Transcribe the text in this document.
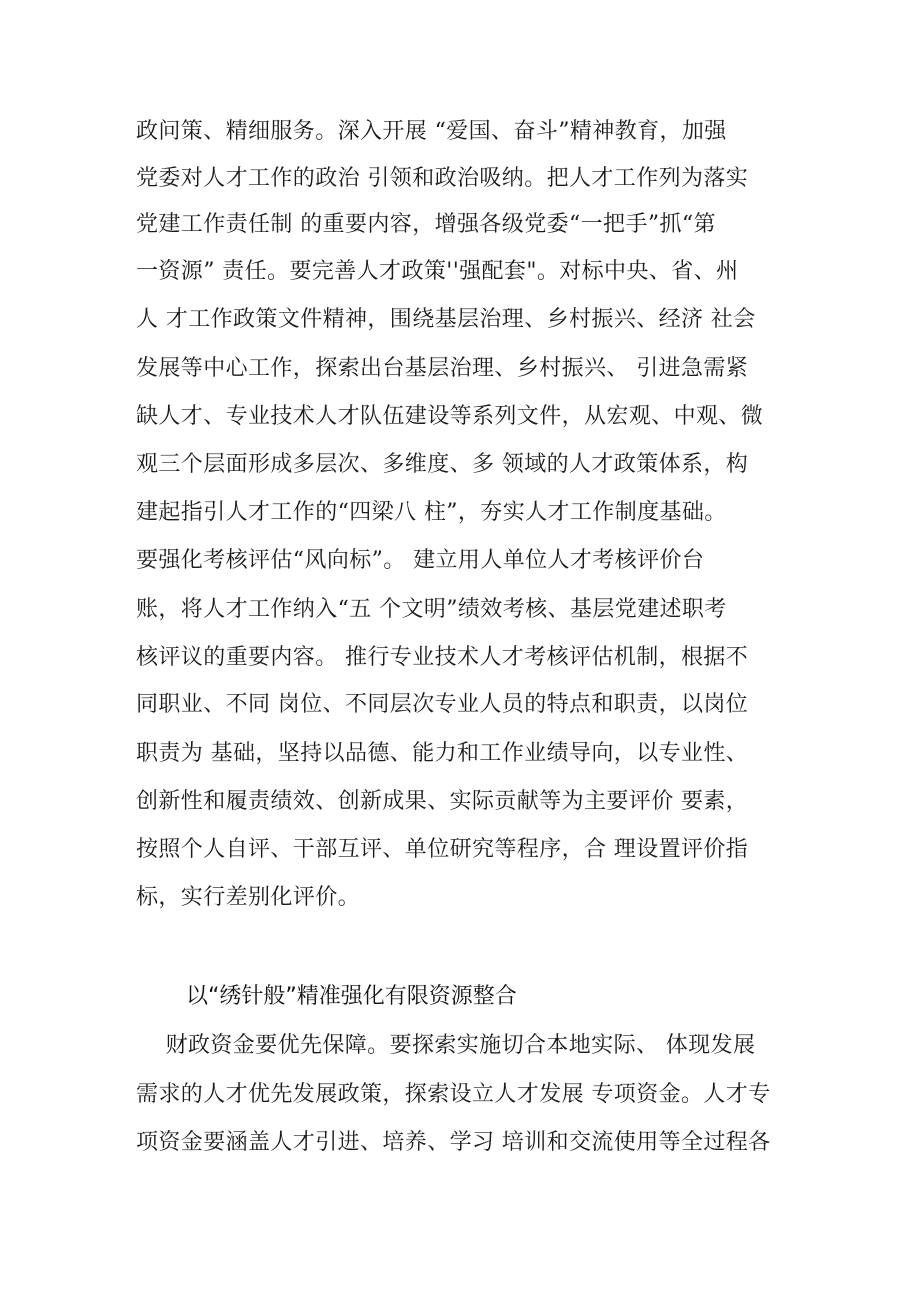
政问策、精细服务。深入开展 “爱国、奋斗”精神教育，加强
党委对人才工作的政治 引领和政治吸纳。把人才工作列为落实
党建工作责任制 的重要内容，增强各级党委“一把手”抓“第
一资源” 责任。要完善人才政策''强配套"。对标中央、省、州
人 才工作政策文件精神，围绕基层治理、乡村振兴、经济 社会
发展等中心工作，探索出台基层治理、乡村振兴、 引进急需紧
缺人才、专业技术人才队伍建设等系列文件，从宏观、中观、微
观三个层面形成多层次、多维度、多 领域的人才政策体系，构
建起指引人才工作的“四梁八 柱”，夯实人才工作制度基础。
要强化考核评估“风向标”。 建立用人单位人才考核评价台
账，将人才工作纳入“五 个文明”绩效考核、基层党建述职考
核评议的重要内容。 推行专业技术人才考核评估机制，根据不
同职业、不同 岗位、不同层次专业人员的特点和职责，以岗位
职责为 基础，坚持以品德、能力和工作业绩导向，以专业性、
创新性和履责绩效、创新成果、实际贡献等为主要评价 要素，
按照个人自评、干部互评、单位研究等程序，合 理设置评价指
标，实行差别化评价。
以“绣针般”精准强化有限资源整合
财政资金要优先保障。要探索实施切合本地实际、 体现发展
需求的人才优先发展政策，探索设立人才发展 专项资金。人才专
项资金要涵盖人才引进、培养、学习 培训和交流使用等全过程各
